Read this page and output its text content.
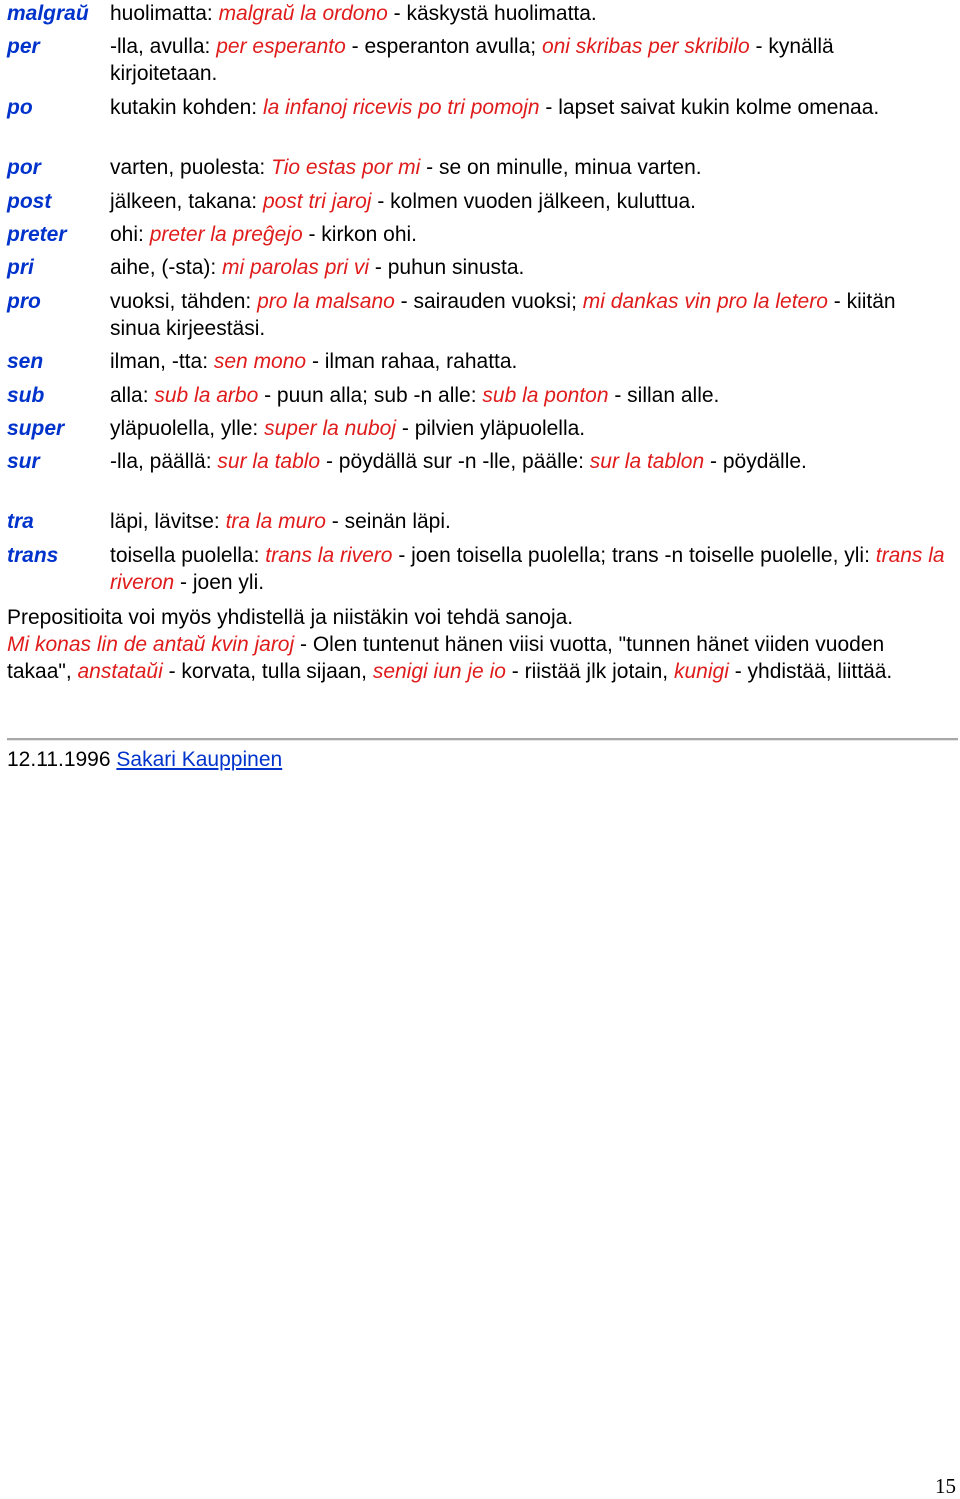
malgraŭ	huolimatta: malgraŭ la ordono - käskystä huolimatta.
per	-lla, avulla: per esperanto - esperanton avulla; oni skribas per skribilo - kynällä kirjoitetaan.
po	kutakin kohden: la infanoj ricevis po tri pomojn - lapset saivat kukin kolme omenaa.
por	varten, puolesta: Tio estas por mi - se on minulle, minua varten.
post	jälkeen, takana: post tri jaroj - kolmen vuoden jälkeen, kuluttua.
preter	ohi: preter la preĝejo - kirkon ohi.
pri	aihe, (-sta): mi parolas pri vi - puhun sinusta.
pro	vuoksi, tähden: pro la malsano - sairauden vuoksi; mi dankas vin pro la letero - kiitän sinua kirjeestäsi.
sen	ilman, -tta: sen mono - ilman rahaa, rahatta.
sub	alla: sub la arbo - puun alla; sub -n alle: sub la ponton - sillan alle.
super	yläpuolella, ylle: super la nuboj - pilvien yläpuolella.
sur	-lla, päällä: sur la tablo - pöydällä sur -n -lle, päälle: sur la tablon - pöydälle.
tra	läpi, lävitse: tra la muro - seinän läpi.
trans	toisella puolella: trans la rivero - joen toisella puolella; trans -n toiselle puolelle, yli: trans la riveron - joen yli.

Prepositioita voi myös yhdistellä ja niistäkin voi tehdä sanoja.

Mi konas lin de antaŭ kvin jaroj - Olen tuntenut hänen viisi vuotta, "tunnen hänet viiden vuoden takaa", anstataŭi - korvata, tulla sijaan, senigi iun je io - riistää jlk jotain, kunigi - yhdistää, liittää.

12.11.1996 Sakari Kauppinen
15
